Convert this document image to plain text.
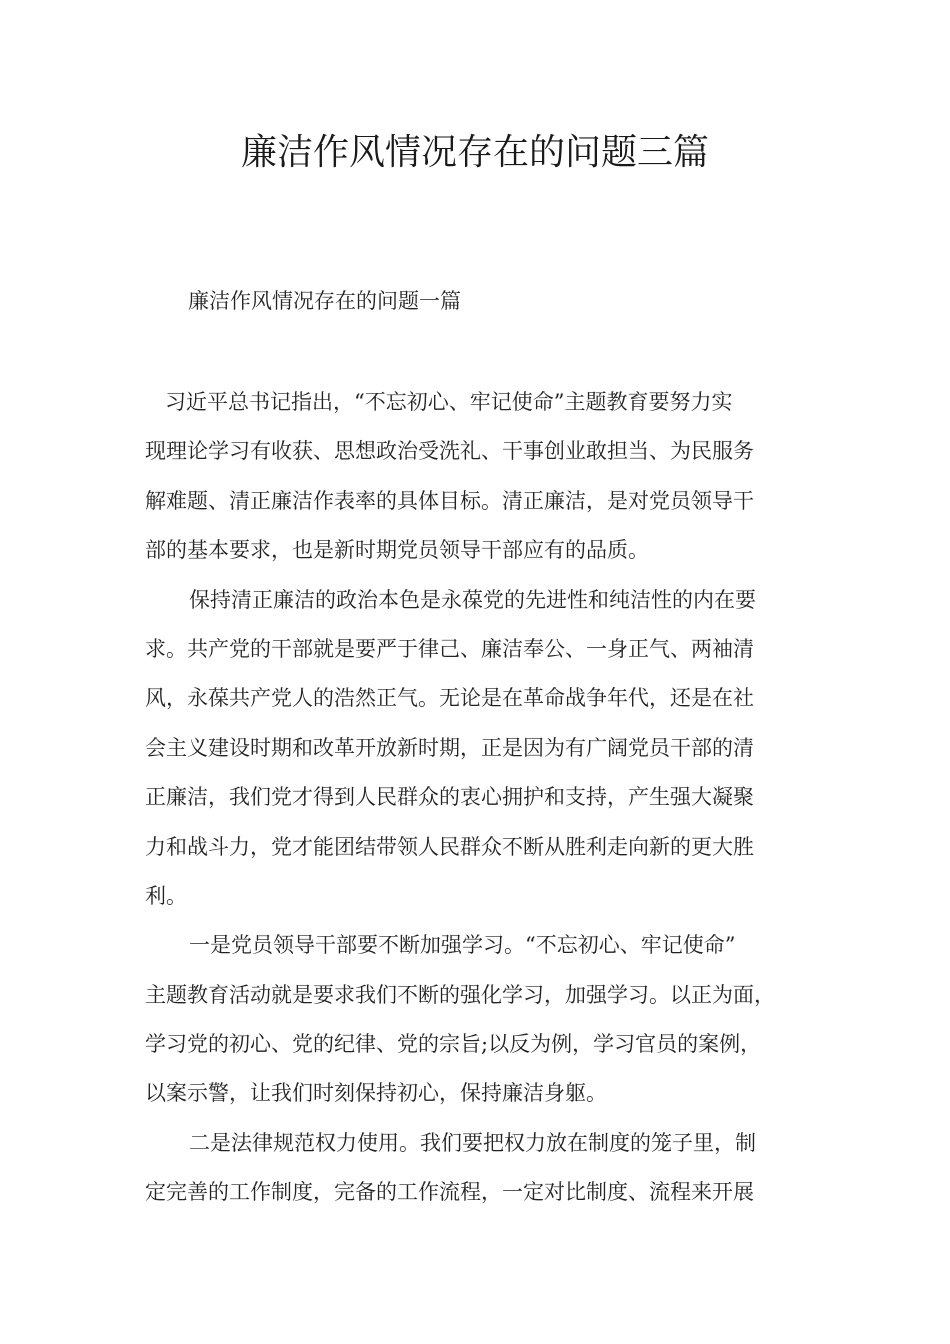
廉洁作风情况存在的问题三篇

廉洁作风情况存在的问题一篇

习近平总书记指出，“不忘初心、牢记使命”主题教育要努力实
现理论学习有收获、思想政治受洗礼、干事创业敢担当、为民服务
解难题、清正廉洁作表率的具体目标。清正廉洁，是对党员领导干
部的基本要求，也是新时期党员领导干部应有的品质。
保持清正廉洁的政治本色是永葆党的先进性和纯洁性的内在要
求。共产党的干部就是要严于律己、廉洁奉公、一身正气、两袖清
风，永葆共产党人的浩然正气。无论是在革命战争年代，还是在社
会主义建设时期和改革开放新时期，正是因为有广阔党员干部的清
正廉洁，我们党才得到人民群众的衷心拥护和支持，产生强大凝聚
力和战斗力，党才能团结带领人民群众不断从胜利走向新的更大胜
利。
一是党员领导干部要不断加强学习。“不忘初心、牢记使命”
主题教育活动就是要求我们不断的强化学习，加强学习。以正为面，
学习党的初心、党的纪律、党的宗旨;以反为例，学习官员的案例，
以案示警，让我们时刻保持初心，保持廉洁身躯。
二是法律规范权力使用。我们要把权力放在制度的笼子里，制
定完善的工作制度，完备的工作流程，一定对比制度、流程来开展
